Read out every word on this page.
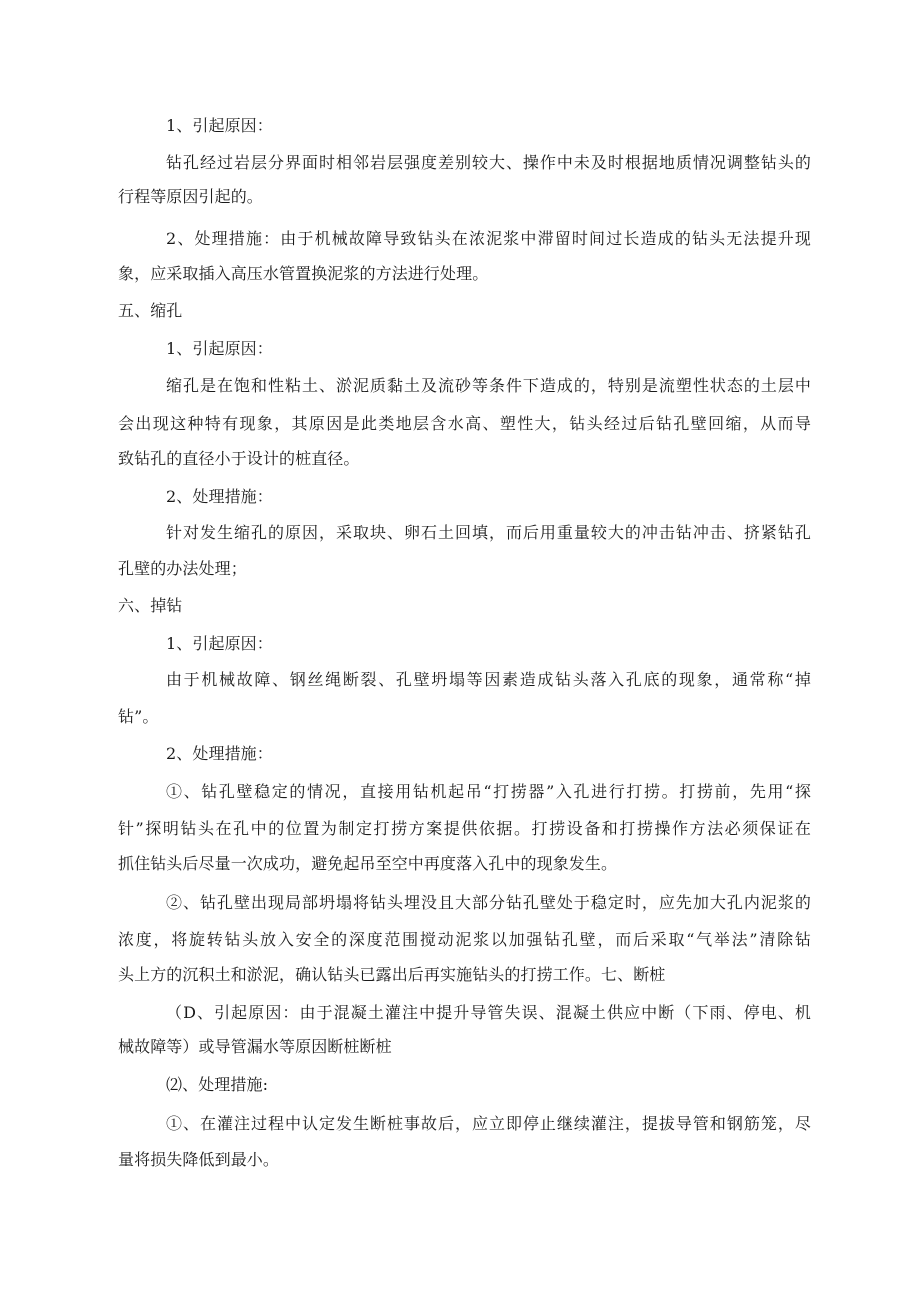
1、引起原因：
钻孔经过岩层分界面时相邻岩层强度差别较大、操作中未及时根据地质情况调整钻头的
行程等原因引起的。
2、处理措施：由于机械故障导致钻头在浓泥浆中滞留时间过长造成的钻头无法提升现
象，应采取插入高压水管置换泥浆的方法进行处理。
五、缩孔
1、引起原因：
缩孔是在饱和性粘土、淤泥质黏土及流砂等条件下造成的，特别是流塑性状态的土层中
会出现这种特有现象，其原因是此类地层含水高、塑性大，钻头经过后钻孔壁回缩，从而导
致钻孔的直径小于设计的桩直径。
2、处理措施：
针对发生缩孔的原因，采取块、卵石土回填，而后用重量较大的冲击钻冲击、挤紧钻孔
孔壁的办法处理；
六、掉钻
1、引起原因：
由于机械故障、钢丝绳断裂、孔壁坍塌等因素造成钻头落入孔底的现象，通常称“掉
钻”。
2、处理措施：
①、钻孔壁稳定的情况，直接用钻机起吊“打捞器”入孔进行打捞。打捞前，先用“探
针”探明钻头在孔中的位置为制定打捞方案提供依据。打捞设备和打捞操作方法必须保证在
抓住钻头后尽量一次成功，避免起吊至空中再度落入孔中的现象发生。
②、钻孔壁出现局部坍塌将钻头埋没且大部分钻孔壁处于稳定时，应先加大孔内泥浆的
浓度，将旋转钻头放入安全的深度范围搅动泥浆以加强钻孔壁，而后采取“气举法”清除钻
头上方的沉积土和淤泥，确认钻头已露出后再实施钻头的打捞工作。七、断桩
（D、引起原因：由于混凝土灌注中提升导管失误、混凝土供应中断（下雨、停电、机
械故障等）或导管漏水等原因断桩断桩
⑵、处理措施:
①、在灌注过程中认定发生断桩事故后，应立即停止继续灌注，提拔导管和钢筋笼，尽
量将损失降低到最小。
